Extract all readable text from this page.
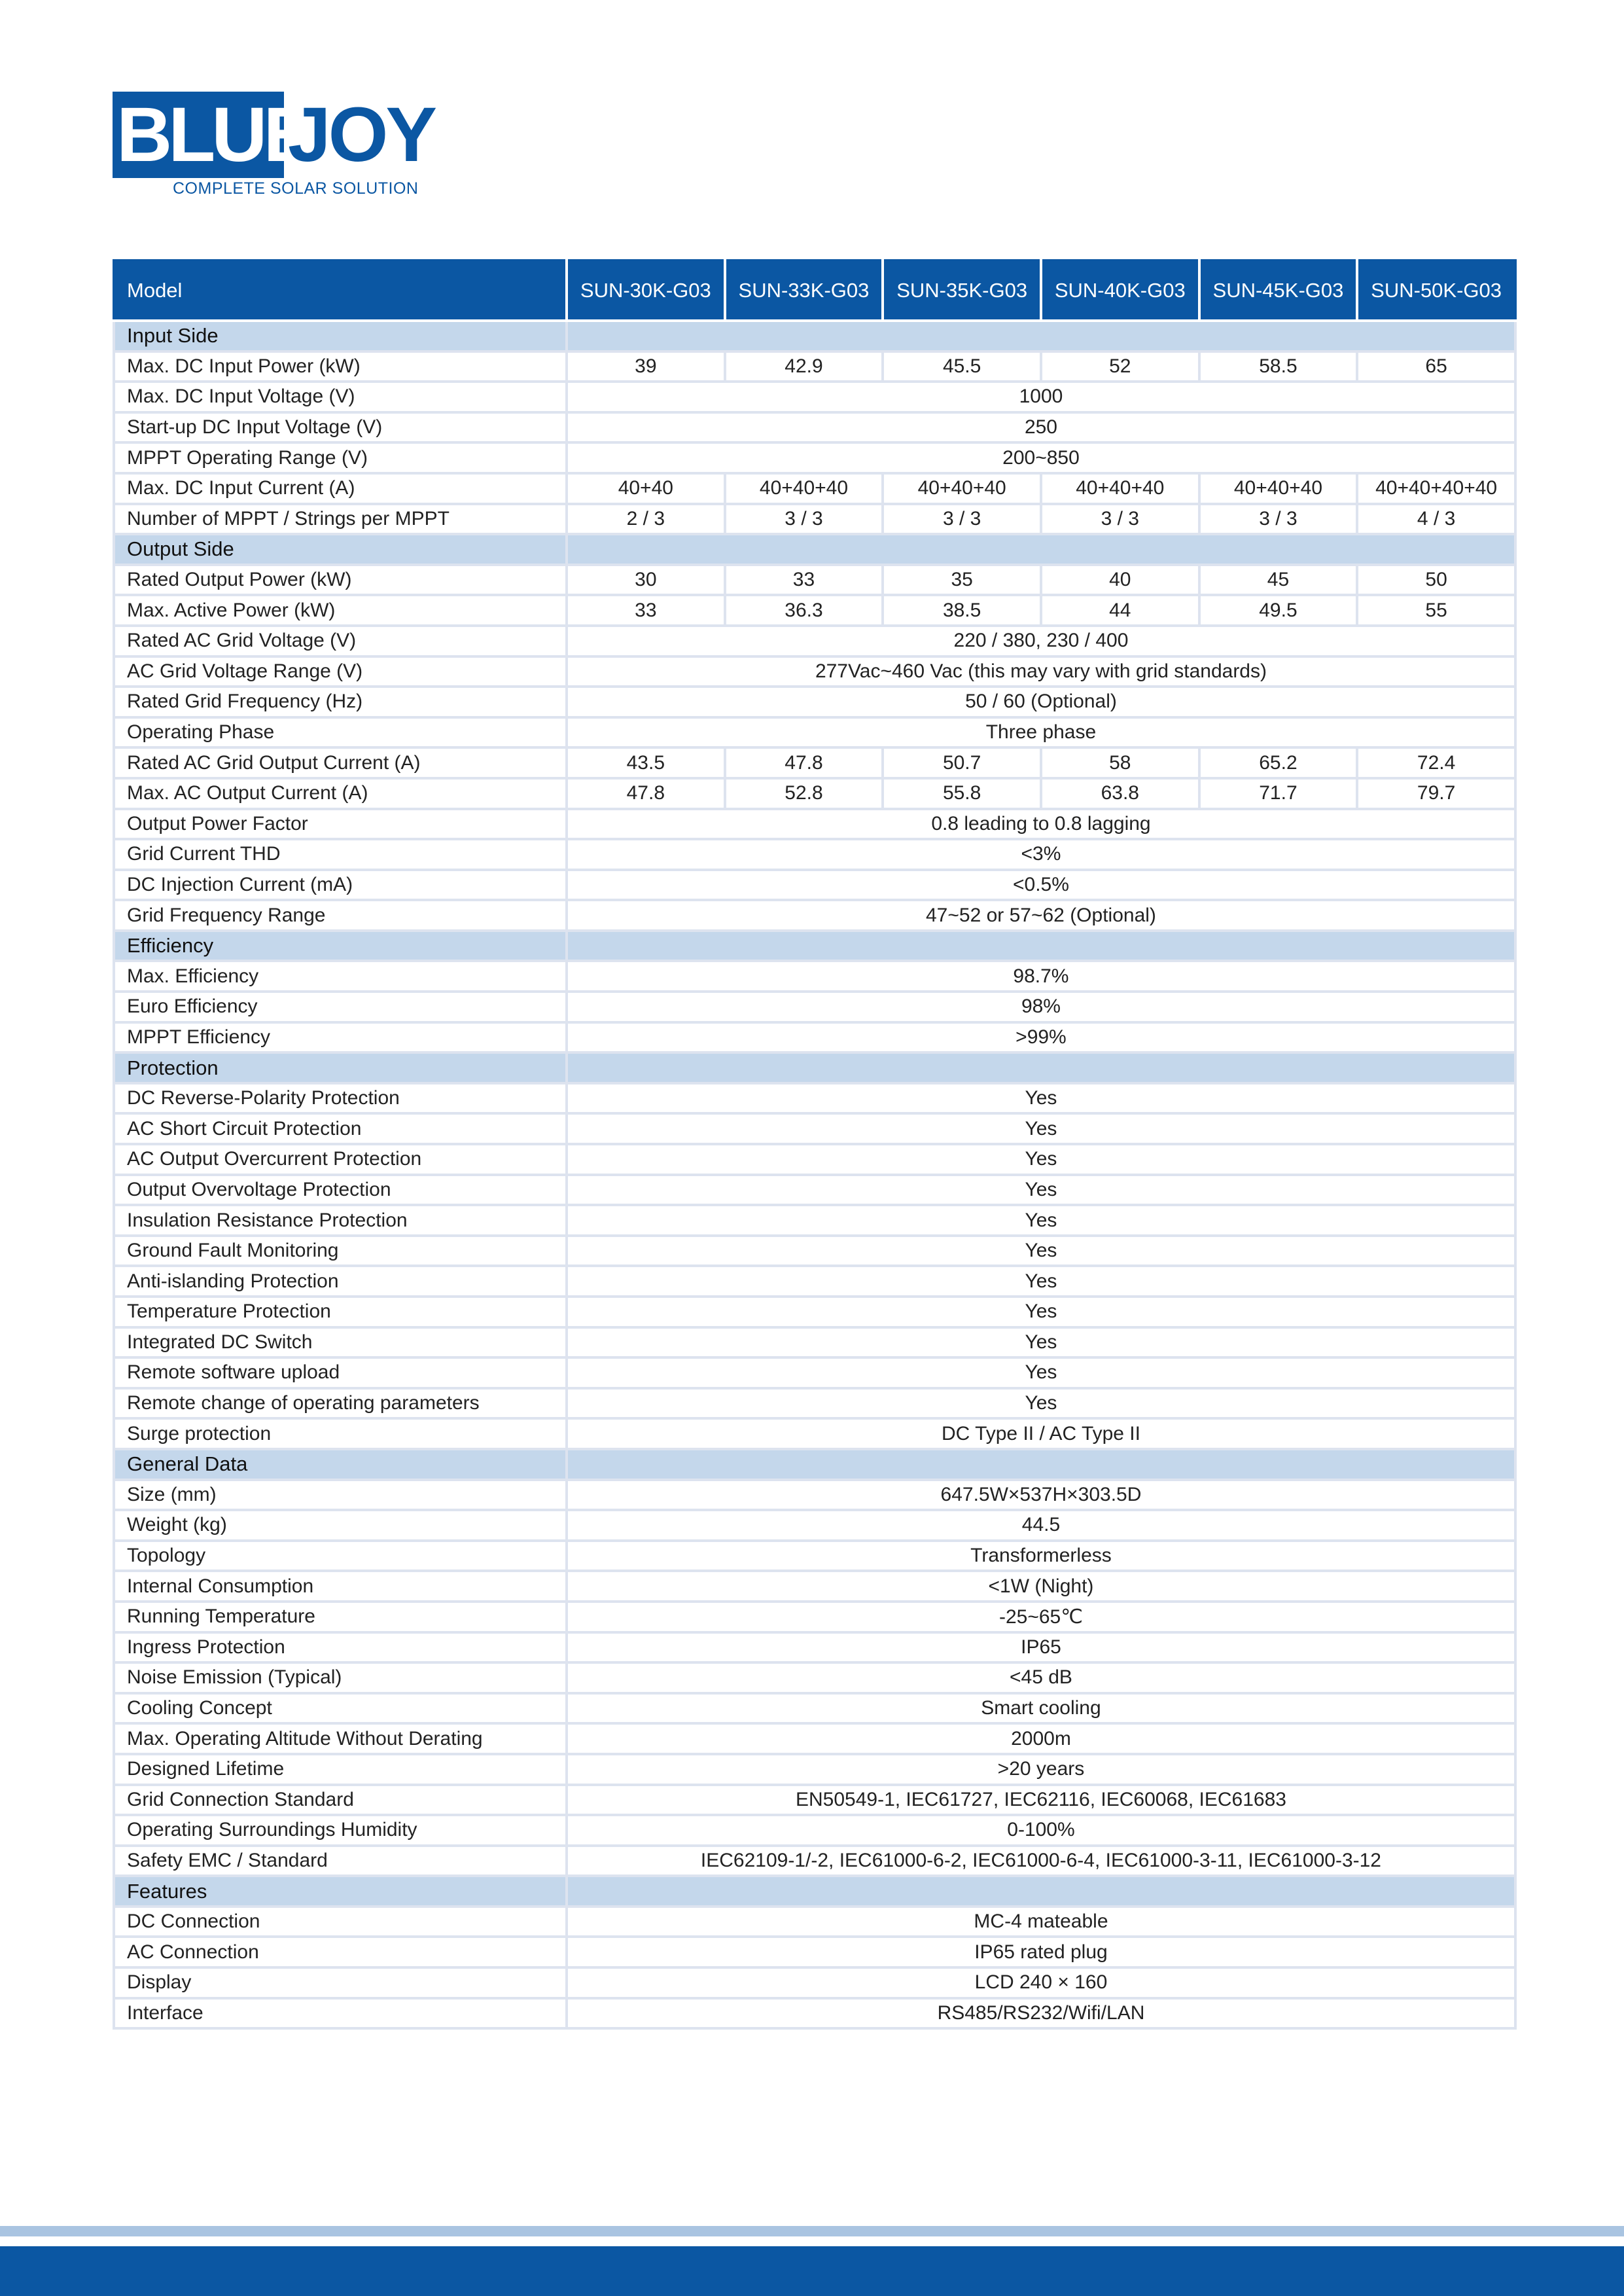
BLUE
JOY
COMPLETE SOLAR SOLUTION
Model	SUN-30K-G03	SUN-33K-G03	SUN-35K-G03	SUN-40K-G03	SUN-45K-G03	SUN-50K-G03
Input Side						
Max. DC Input Power (kW)	39	42.9	45.5	52	58.5	65
Max. DC Input Voltage (V)	1000					
Start-up DC Input Voltage (V)	250					
MPPT Operating Range (V)	200~850					
Max. DC Input Current (A)	40+40	40+40+40	40+40+40	40+40+40	40+40+40	40+40+40+40
Number of MPPT / Strings per MPPT	2 / 3	3 / 3	3 / 3	3 / 3	3 / 3	4 / 3
Output Side						
Rated Output Power (kW)	30	33	35	40	45	50
Max. Active Power (kW)	33	36.3	38.5	44	49.5	55
Rated AC Grid Voltage (V)	220 / 380, 230 / 400					
AC Grid Voltage Range (V)	277Vac~460 Vac (this may vary with grid standards)					
Rated Grid Frequency (Hz)	50 / 60 (Optional)					
Operating Phase	Three phase					
Rated AC Grid Output Current (A)	43.5	47.8	50.7	58	65.2	72.4
Max. AC Output Current (A)	47.8	52.8	55.8	63.8	71.7	79.7
Output Power Factor	0.8 leading to 0.8 lagging					
Grid Current THD	<3%					
DC Injection Current (mA)	<0.5%					
Grid Frequency Range	47~52 or 57~62 (Optional)					
Efficiency						
Max. Efficiency	98.7%					
Euro Efficiency	98%					
MPPT Efficiency	>99%					
Protection						
DC Reverse-Polarity Protection	Yes					
AC Short Circuit Protection	Yes					
AC Output Overcurrent Protection	Yes					
Output Overvoltage Protection	Yes					
Insulation Resistance Protection	Yes					
Ground Fault Monitoring	Yes					
Anti-islanding Protection	Yes					
Temperature Protection	Yes					
Integrated DC Switch	Yes					
Remote software upload	Yes					
Remote change of operating parameters	Yes					
Surge protection	DC Type II / AC Type II					
General Data						
Size (mm)	647.5W×537H×303.5D					
Weight (kg)	44.5					
Topology	Transformerless					
Internal Consumption	<1W (Night)					
Running Temperature	-25~65℃					
Ingress Protection	IP65					
Noise Emission (Typical)	<45 dB					
Cooling Concept	Smart cooling					
Max. Operating Altitude Without Derating	2000m					
Designed Lifetime	>20 years					
Grid Connection Standard	EN50549-1, IEC61727, IEC62116, IEC60068, IEC61683					
Operating Surroundings Humidity	0-100%					
Safety EMC / Standard	IEC62109-1/-2, IEC61000-6-2, IEC61000-6-4, IEC61000-3-11, IEC61000-3-12					
Features						
DC Connection	MC-4 mateable					
AC Connection	IP65 rated plug					
Display	LCD 240 × 160					
Interface	RS485/RS232/Wifi/LAN					
